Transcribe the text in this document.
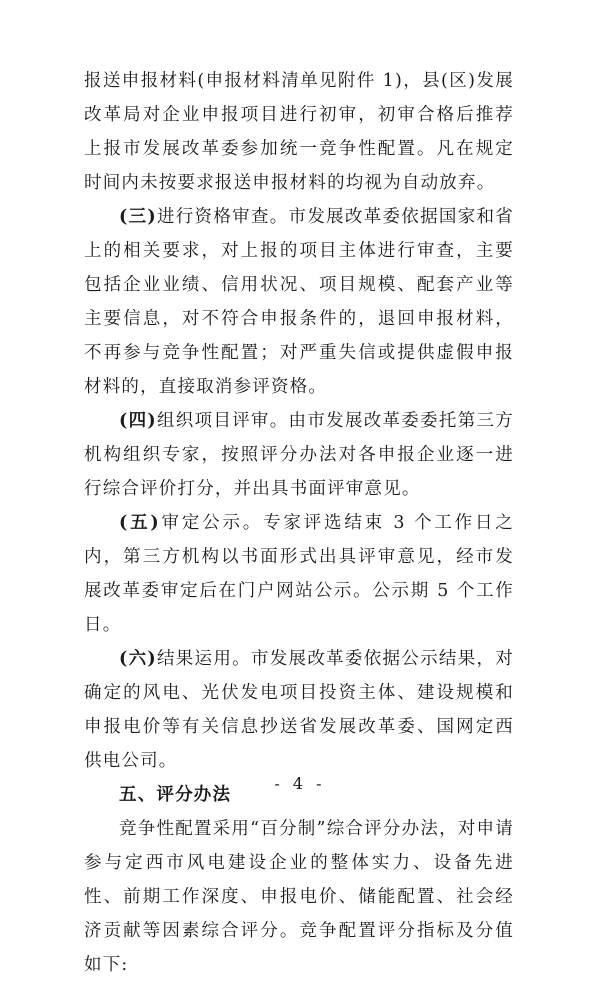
报送申报材料(申报材料清单见附件 1)，县(区)发展改革局对企业申报项目进行初审，初审合格后推荐上报市发展改革委参加统一竞争性配置。凡在规定时间内未按要求报送申报材料的均视为自动放弃。

(三)进行资格审查。市发展改革委依据国家和省上的相关要求，对上报的项目主体进行审查，主要包括企业业绩、信用状况、项目规模、配套产业等主要信息，对不符合申报条件的，退回申报材料，不再参与竞争性配置；对严重失信或提供虚假申报材料的，直接取消参评资格。

(四)组织项目评审。由市发展改革委委托第三方机构组织专家，按照评分办法对各申报企业逐一进行综合评价打分，并出具书面评审意见。

(五)审定公示。专家评选结束 3 个工作日之内，第三方机构以书面形式出具评审意见，经市发展改革委审定后在门户网站公示。公示期 5 个工作日。

(六)结果运用。市发展改革委依据公示结果，对确定的风电、光伏发电项目投资主体、建设规模和申报电价等有关信息抄送省发展改革委、国网定西供电公司。

五、评分办法

竞争性配置采用“百分制”综合评分办法，对申请参与定西市风电建设企业的整体实力、设备先进性、前期工作深度、申报电价、储能配置、社会经济贡献等因素综合评分。竞争配置评分指标及分值如下:

- 4 -
